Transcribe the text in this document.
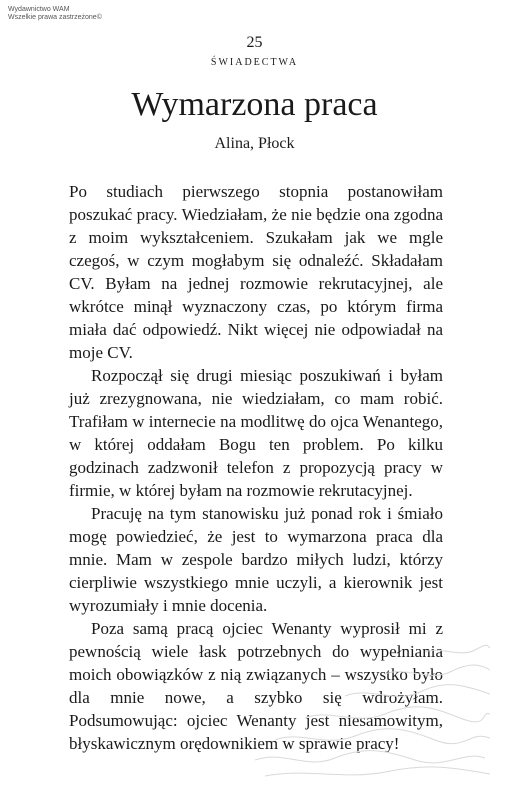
Wydawnictwo WAM
Wszelkie prawa zastrzeżone©
25
ŚWIADECTWA
Wymarzona praca
Alina, Płock

Po studiach pierwszego stopnia postanowiłam poszukać pracy. Wiedziałam, że nie będzie ona zgodna z moim wykształceniem. Szukałam jak we mgle czegoś, w czym mogłabym się odnaleźć. Składałam CV. Byłam na jednej rozmowie rekrutacyjnej, ale wkrótce minął wyznaczony czas, po którym firma miała dać odpowiedź. Nikt więcej nie odpowiadał na moje CV.

Rozpoczął się drugi miesiąc poszukiwań i byłam już zrezygnowana, nie wiedziałam, co mam robić. Trafiłam w internecie na modlitwę do ojca Wenantego, w której oddałam Bogu ten problem. Po kilku godzinach zadzwonił telefon z propozycją pracy w firmie, w której byłam na rozmowie rekrutacyjnej.

Pracuję na tym stanowisku już ponad rok i śmiało mogę powiedzieć, że jest to wymarzona praca dla mnie. Mam w zespole bardzo miłych ludzi, którzy cierpliwie wszystkiego mnie uczyli, a kierownik jest wyrozumiały i mnie docenia.

Poza samą pracą ojciec Wenanty wyprosił mi z pewnością wiele łask potrzebnych do wypełniania moich obowiązków z nią związanych – wszystko było dla mnie nowe, a szybko się wdrożyłam. Podsumowując: ojciec Wenanty jest niesamowitym, błyskawicznym orędownikiem w sprawie pracy!
